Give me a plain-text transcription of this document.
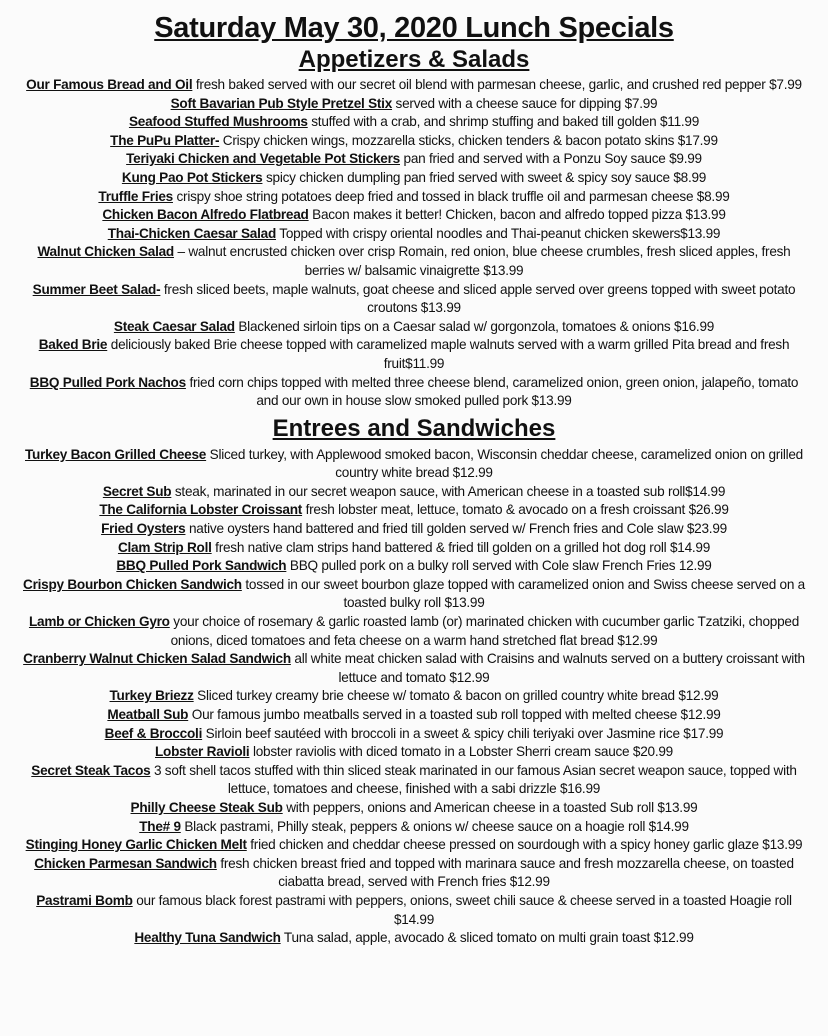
Saturday May 30, 2020 Lunch Specials
Appetizers & Salads

Our Famous Bread and Oil fresh baked served with our secret oil blend with parmesan cheese, garlic, and crushed red pepper $7.99

Soft Bavarian Pub Style Pretzel Stix served with a cheese sauce for dipping $7.99

Seafood Stuffed Mushrooms stuffed with a crab, and shrimp stuffing and baked till golden $11.99

The PuPu Platter- Crispy chicken wings, mozzarella sticks, chicken tenders & bacon potato skins $17.99

Teriyaki Chicken and Vegetable Pot Stickers pan fried and served with a Ponzu Soy sauce $9.99

Kung Pao Pot Stickers spicy chicken dumpling pan fried served with sweet & spicy soy sauce $8.99

Truffle Fries crispy shoe string potatoes deep fried and tossed in black truffle oil and parmesan cheese $8.99

Chicken Bacon Alfredo Flatbread Bacon makes it better! Chicken, bacon and alfredo topped pizza $13.99

Thai-Chicken Caesar Salad Topped with crispy oriental noodles and Thai-peanut chicken skewers$13.99

Walnut Chicken Salad – walnut encrusted chicken over crisp Romain, red onion, blue cheese crumbles, fresh sliced apples, fresh berries w/ balsamic vinaigrette $13.99

Summer Beet Salad- fresh sliced beets, maple walnuts, goat cheese and sliced apple served over greens topped with sweet potato croutons $13.99

Steak Caesar Salad Blackened sirloin tips on a Caesar salad w/ gorgonzola, tomatoes & onions $16.99

Baked Brie deliciously baked Brie cheese topped with caramelized maple walnuts served with a warm grilled Pita bread and fresh fruit$11.99

BBQ Pulled Pork Nachos fried corn chips topped with melted three cheese blend, caramelized onion, green onion, jalapeño, tomato and our own in house slow smoked pulled pork $13.99

Entrees and Sandwiches

Turkey Bacon Grilled Cheese Sliced turkey, with Applewood smoked bacon, Wisconsin cheddar cheese, caramelized onion on grilled country white bread $12.99

Secret Sub steak, marinated in our secret weapon sauce, with American cheese in a toasted sub roll$14.99

The California Lobster Croissant fresh lobster meat, lettuce, tomato & avocado on a fresh croissant $26.99

Fried Oysters native oysters hand battered and fried till golden served w/ French fries and Cole slaw $23.99

Clam Strip Roll fresh native clam strips hand battered & fried till golden on a grilled hot dog roll $14.99

BBQ Pulled Pork Sandwich BBQ pulled pork on a bulky roll served with Cole slaw French Fries 12.99

Crispy Bourbon Chicken Sandwich tossed in our sweet bourbon glaze topped with caramelized onion and Swiss cheese served on a toasted bulky roll $13.99

Lamb or Chicken Gyro your choice of rosemary & garlic roasted lamb (or) marinated chicken with cucumber garlic Tzatziki, chopped onions, diced tomatoes and feta cheese on a warm hand stretched flat bread $12.99

Cranberry Walnut Chicken Salad Sandwich all white meat chicken salad with Craisins and walnuts served on a buttery croissant with lettuce and tomato $12.99

Turkey Briezz Sliced turkey creamy brie cheese w/ tomato & bacon on grilled country white bread $12.99

Meatball Sub Our famous jumbo meatballs served in a toasted sub roll topped with melted cheese $12.99

Beef & Broccoli Sirloin beef sautéed with broccoli in a sweet & spicy chili teriyaki over Jasmine rice $17.99

Lobster Ravioli lobster raviolis with diced tomato in a Lobster Sherri cream sauce $20.99

Secret Steak Tacos 3 soft shell tacos stuffed with thin sliced steak marinated in our famous Asian secret weapon sauce, topped with lettuce, tomatoes and cheese, finished with a sabi drizzle $16.99

Philly Cheese Steak Sub with peppers, onions and American cheese in a toasted Sub roll $13.99

The# 9 Black pastrami, Philly steak, peppers & onions w/ cheese sauce on a hoagie roll $14.99

Stinging Honey Garlic Chicken Melt fried chicken and cheddar cheese pressed on sourdough with a spicy honey garlic glaze $13.99

Chicken Parmesan Sandwich fresh chicken breast fried and topped with marinara sauce and fresh mozzarella cheese, on toasted ciabatta bread, served with French fries $12.99

Pastrami Bomb our famous black forest pastrami with peppers, onions, sweet chili sauce & cheese served in a toasted Hoagie roll $14.99

Healthy Tuna Sandwich Tuna salad, apple, avocado & sliced tomato on multi grain toast $12.99
